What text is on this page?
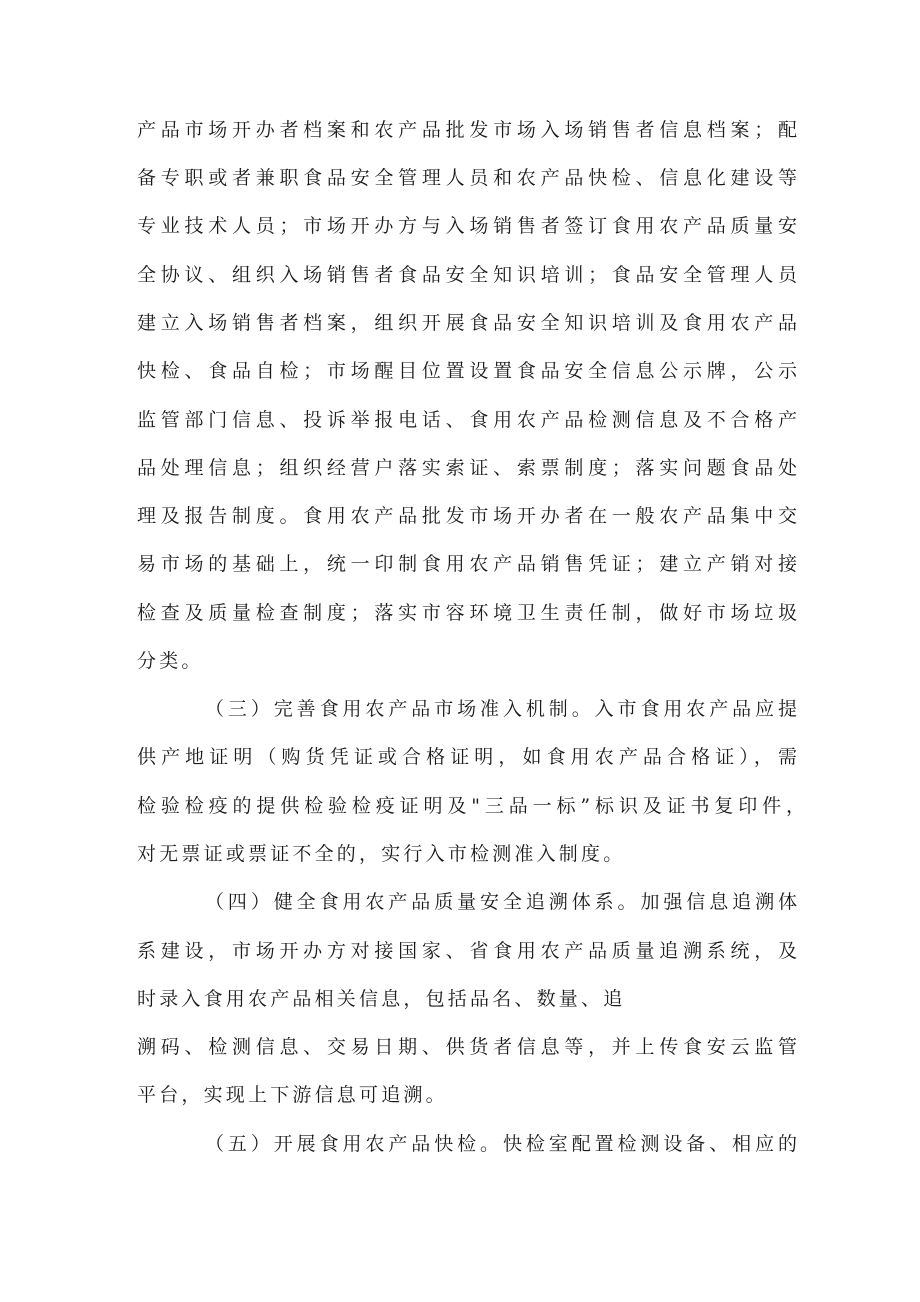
产品市场开办者档案和农产品批发市场入场销售者信息档案；配
备专职或者兼职食品安全管理人员和农产品快检、信息化建设等
专业技术人员；市场开办方与入场销售者签订食用农产品质量安
全协议、组织入场销售者食品安全知识培训；食品安全管理人员
建立入场销售者档案，组织开展食品安全知识培训及食用农产品
快检、食品自检；市场醒目位置设置食品安全信息公示牌，公示
监管部门信息、投诉举报电话、食用农产品检测信息及不合格产
品处理信息；组织经营户落实索证、索票制度；落实问题食品处
理及报告制度。食用农产品批发市场开办者在一般农产品集中交
易市场的基础上，统一印制食用农产品销售凭证；建立产销对接
检查及质量检查制度；落实市容环境卫生责任制，做好市场垃圾
分类。
（三）完善食用农产品市场准入机制。入市食用农产品应提
供产地证明（购货凭证或合格证明，如食用农产品合格证），需
检验检疫的提供检验检疫证明及"三品一标”标识及证书复印件，
对无票证或票证不全的，实行入市检测准入制度。
（四）健全食用农产品质量安全追溯体系。加强信息追溯体
系建设，市场开办方对接国家、省食用农产品质量追溯系统，及
时录入食用农产品相关信息，包括品名、数量、追
溯码、检测信息、交易日期、供货者信息等，并上传食安云监管
平台，实现上下游信息可追溯。
（五）开展食用农产品快检。快检室配置检测设备、相应的
